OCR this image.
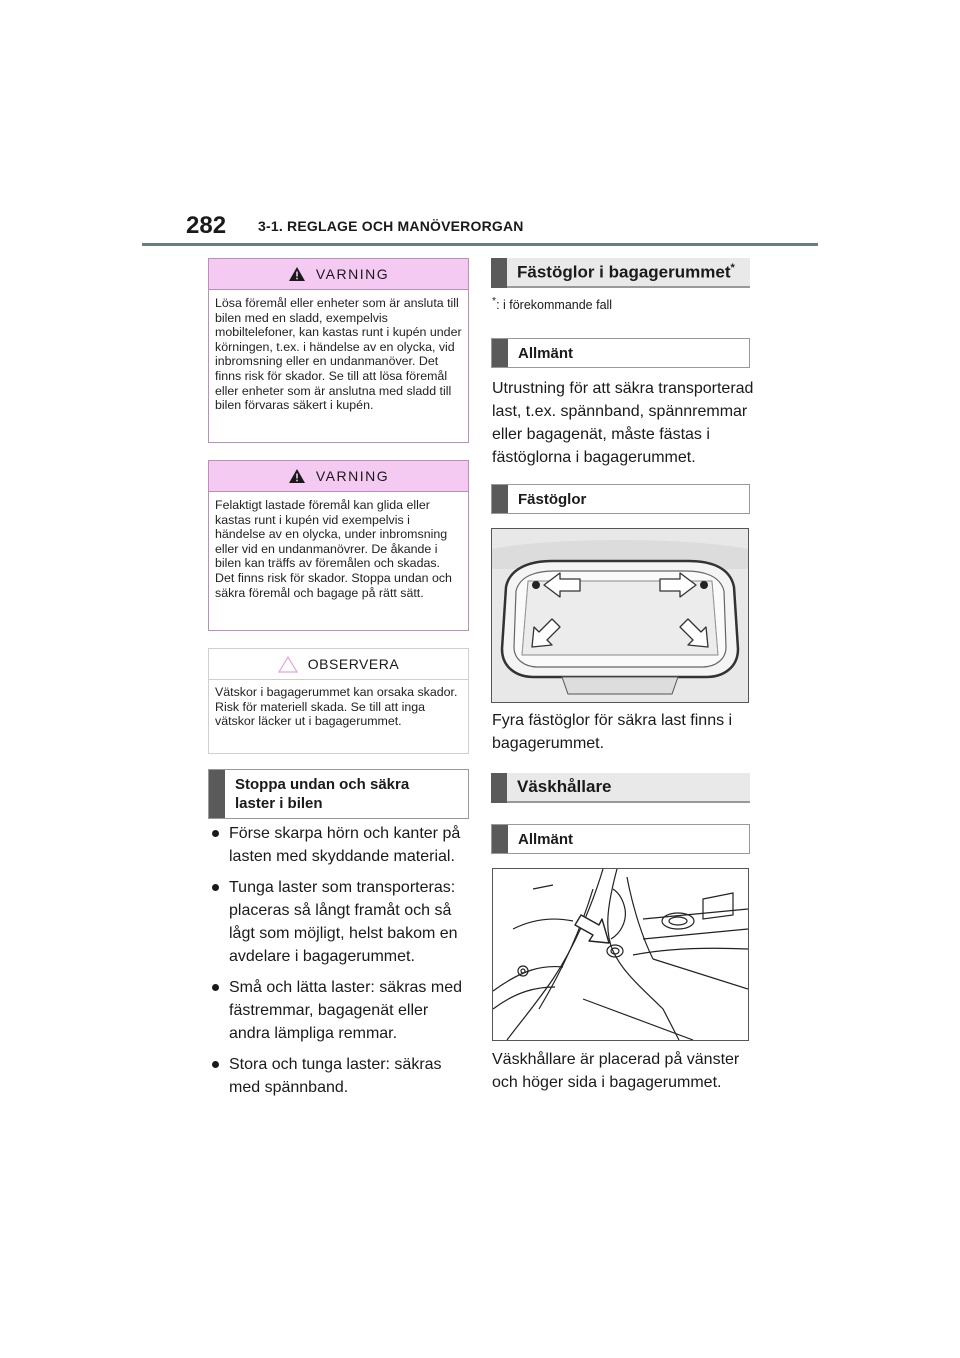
282 3-1. REGLAGE OCH MANÖVERORGAN
VARNING
Lösa föremål eller enheter som är ansluta till bilen med en sladd, exempelvis mobiltelefoner, kan kastas runt i kupén under körningen, t.ex. i händelse av en olycka, vid inbromsning eller en undanmanöver. Det finns risk för skador. Se till att lösa föremål eller enheter som är anslutna med sladd till bilen förvaras säkert i kupén.
VARNING
Felaktigt lastade föremål kan glida eller kastas runt i kupén vid exempelvis i händelse av en olycka, under inbromsning eller vid en undanmanövrer. De åkande i bilen kan träffs av föremålen och skadas. Det finns risk för skador. Stoppa undan och säkra föremål och bagage på rätt sätt.
OBSERVERA
Vätskor i bagagerummet kan orsaka skador. Risk för materiell skada. Se till att inga vätskor läcker ut i bagagerummet.
Stoppa undan och säkra laster i bilen
Förse skarpa hörn och kanter på lasten med skyddande material.
Tunga laster som transporteras: placeras så långt framåt och så lågt som möjligt, helst bakom en avdelare i bagagerummet.
Små och lätta laster: säkras med fästremmar, bagagenät eller andra lämpliga remmar.
Stora och tunga laster: säkras med spännband.
Fästöglor i bagagerummet*
*: i förekommande fall
Allmänt
Utrustning för att säkra transporterad last, t.ex. spännband, spännremmar eller bagagenät, måste fästas i fästöglorna i bagagerummet.
Fästöglor
Fyra fästöglor för säkra last finns i bagagerummet.
Väskhållare
Allmänt
Väskhållare är placerad på vänster och höger sida i bagagerummet.
